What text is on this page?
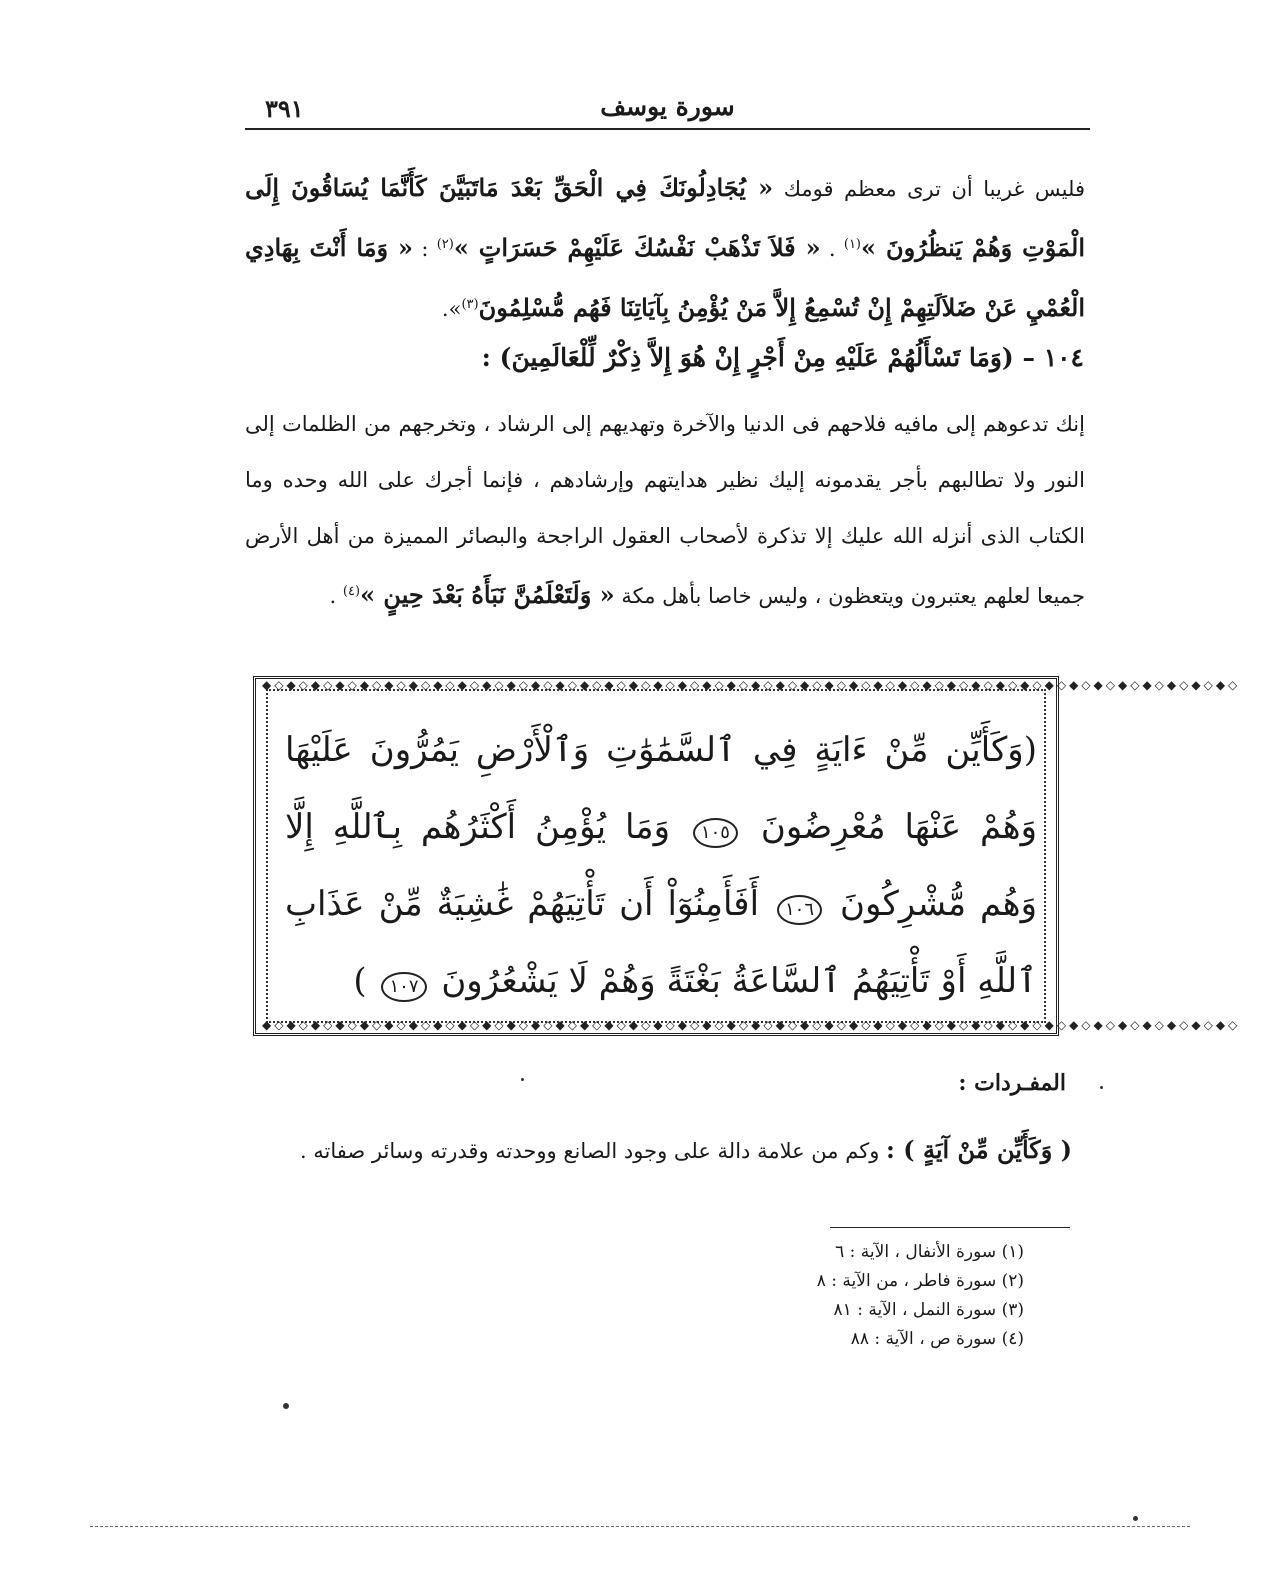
سورة يوسف
٣٩١
فليس غريبا أن ترى معظم قومك « يُجَادِلُونَكَ فِي الْحَقِّ بَعْدَ مَاتَبَيَّنَ كَأَنَّمَا يُسَاقُونَ إِلَى الْمَوْتِ وَهُمْ يَنظُرُونَ »$^{(١)}$ . « فَلاَ تَذْهَبْ نَفْسُكَ عَلَيْهِمْ حَسَرَاتٍ »$^{(٢)}$ : « وَمَا أَنْتَ بِهَادِي الْعُمْيِ عَنْ ضَلاَلَتِهِمْ إِنْ تُسْمِعُ إِلاَّ مَنْ يُؤْمِنُ بِآيَاتِنَا فَهُم مُّسْلِمُونَ$^{(٣)}$».
١٠٤ – (وَمَا تَسْأَلُهُمْ عَلَيْهِ مِنْ أَجْرٍ إِنْ هُوَ إِلاَّ ذِكْرٌ لِّلْعَالَمِينَ) :
إنك تدعوهم إلى مافيه فلاحهم فى الدنيا والآخرة وتهديهم إلى الرشاد ، وتخرجهم من الظلمات إلى النور ولا تطالبهم بأجر يقدمونه إليك نظير هدايتهم وإرشادهم ، فإنما أجرك على الله وحده وما الكتاب الذى أنزله الله عليك إلا تذكرة لأصحاب العقول الراجحة والبصائر المميزة من أهل الأرض جميعا لعلهم يعتبرون ويتعظون ، وليس خاصا بأهل مكة « وَلَتَعْلَمُنَّ نَبَأَهُ بَعْدَ حِينٍ »$^{(٤)}$ .
◆◇◆◇◆◇◆◇◆◇◆◇◆◇◆◇◆◇◆◇◆◇◆◇◆◇◆◇◆◇◆◇◆◇◆◇◆◇◆◇◆◇◆◇◆◇◆◇◆◇◆◇◆◇◆◇◆◇◆◇◆◇◆◇◆◇◆◇◆◇◆◇◆◇◆◇◆◇◆◇
◆◇◆◇◆◇◆◇◆◇◆◇◆◇◆◇◆◇◆◇◆◇◆◇◆◇◆◇◆◇◆◇◆◇◆◇◆◇◆◇◆◇◆◇◆◇◆◇◆◇◆◇◆◇◆◇◆◇◆◇◆◇◆◇◆◇◆◇◆◇◆◇◆◇◆◇◆◇◆◇
(وَكَأَيِّن مِّنْ ءَايَةٍ فِي ٱلسَّمَٰوَٰتِ وَٱلْأَرْضِ يَمُرُّونَ عَلَيْهَا وَهُمْ عَنْهَا مُعْرِضُونَ ١٠٥ وَمَا يُؤْمِنُ أَكْثَرُهُم بِٱللَّهِ إِلَّا وَهُم مُّشْرِكُونَ ١٠٦ أَفَأَمِنُوٓاْ أَن تَأْتِيَهُمْ غَٰشِيَةٌ مِّنْ عَذَابِ ٱللَّهِ أَوْ تَأْتِيَهُمُ ٱلسَّاعَةُ بَغْتَةً وَهُمْ لَا يَشْعُرُونَ ١٠٧ )
المفـردات :
( وَكَأَيِّن مِّنْ آيَةٍ ) : وكم من علامة دالة على وجود الصانع ووحدته وقدرته وسائر صفاته .
(١) سورة الأنفال ، الآية : ٦
(٢) سورة فاطر ، من الآية : ٨
(٣) سورة النمل ، الآية : ٨١
(٤) سورة ص ، الآية : ٨٨
